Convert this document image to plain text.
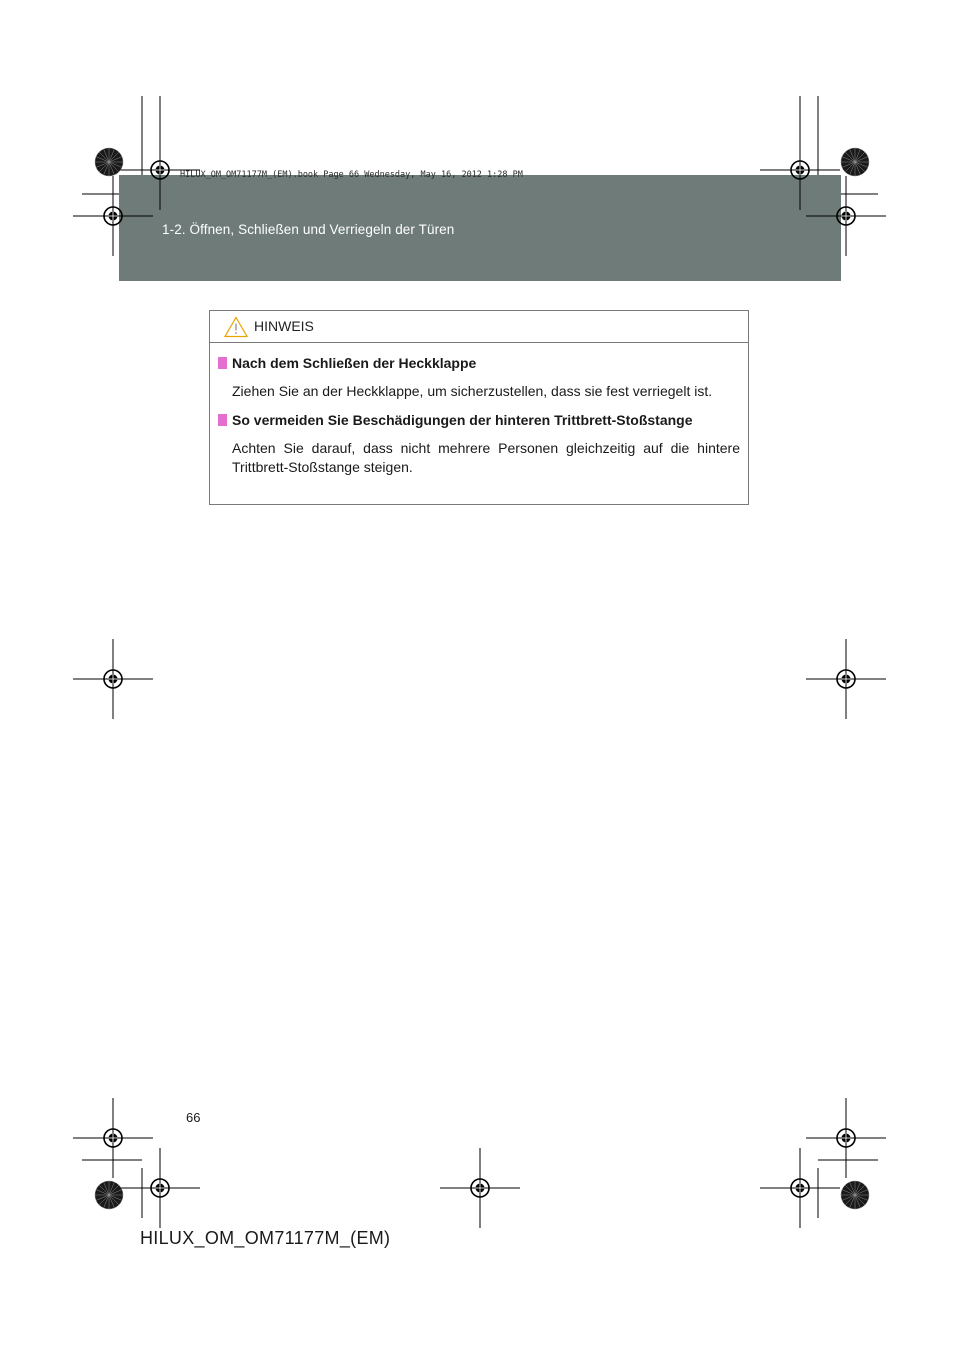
HILUX_OM_OM71177M_(EM).book Page 66 Wednesday, May 16, 2012 1:28 PM
1-2. Öffnen, Schließen und Verriegeln der Türen
HINWEIS
Nach dem Schließen der Heckklappe
Ziehen Sie an der Heckklappe, um sicherzustellen, dass sie fest verriegelt ist.
So vermeiden Sie Beschädigungen der hinteren Trittbrett-Stoßstange
Achten Sie darauf, dass nicht mehrere Personen gleichzeitig auf die hintere Trittbrett-Stoßstange steigen.
66
HILUX_OM_OM71177M_(EM)
